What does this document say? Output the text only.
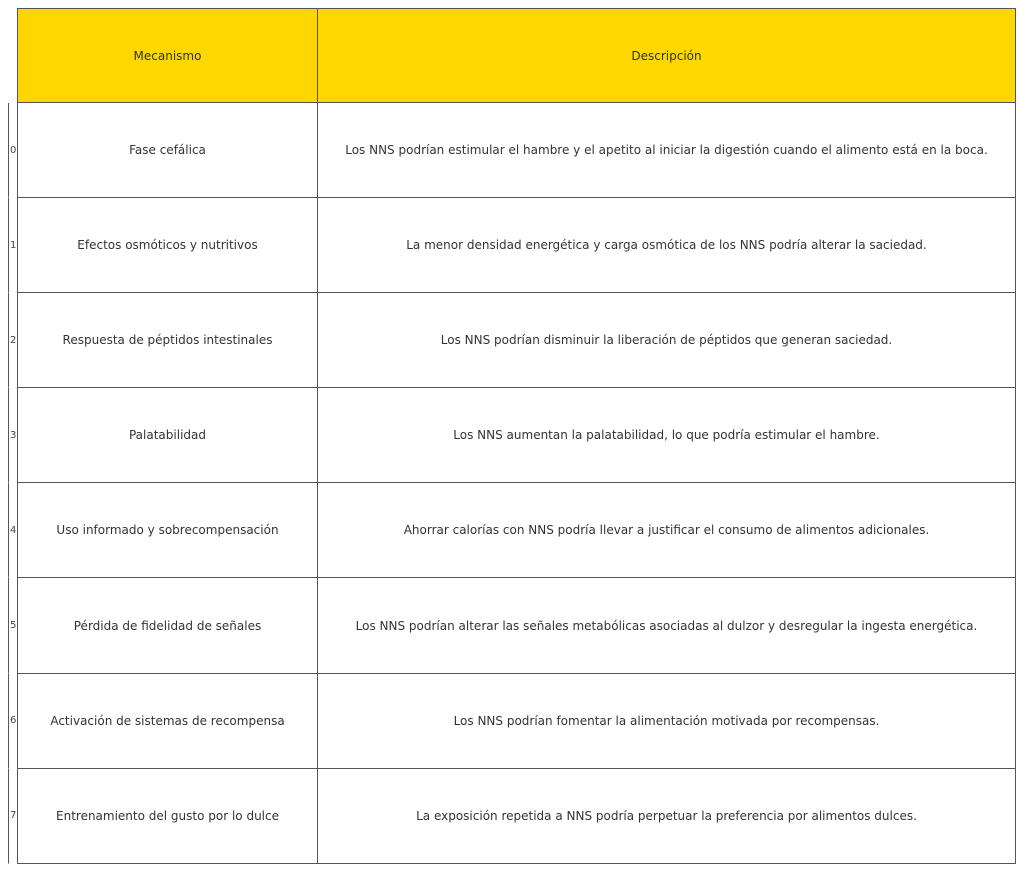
Mecanismo	Descripción
0	Fase cefálica	Los NNS podrían estimular el hambre y el apetito al iniciar la digestión cuando el alimento está en la boca.
1	Efectos osmóticos y nutritivos	La menor densidad energética y carga osmótica de los NNS podría alterar la saciedad.
2	Respuesta de péptidos intestinales	Los NNS podrían disminuir la liberación de péptidos que generan saciedad.
3	Palatabilidad	Los NNS aumentan la palatabilidad, lo que podría estimular el hambre.
4	Uso informado y sobrecompensación	Ahorrar calorías con NNS podría llevar a justificar el consumo de alimentos adicionales.
5	Pérdida de fidelidad de señales	Los NNS podrían alterar las señales metabólicas asociadas al dulzor y desregular la ingesta energética.
6	Activación de sistemas de recompensa	Los NNS podrían fomentar la alimentación motivada por recompensas.
7	Entrenamiento del gusto por lo dulce	La exposición repetida a NNS podría perpetuar la preferencia por alimentos dulces.
